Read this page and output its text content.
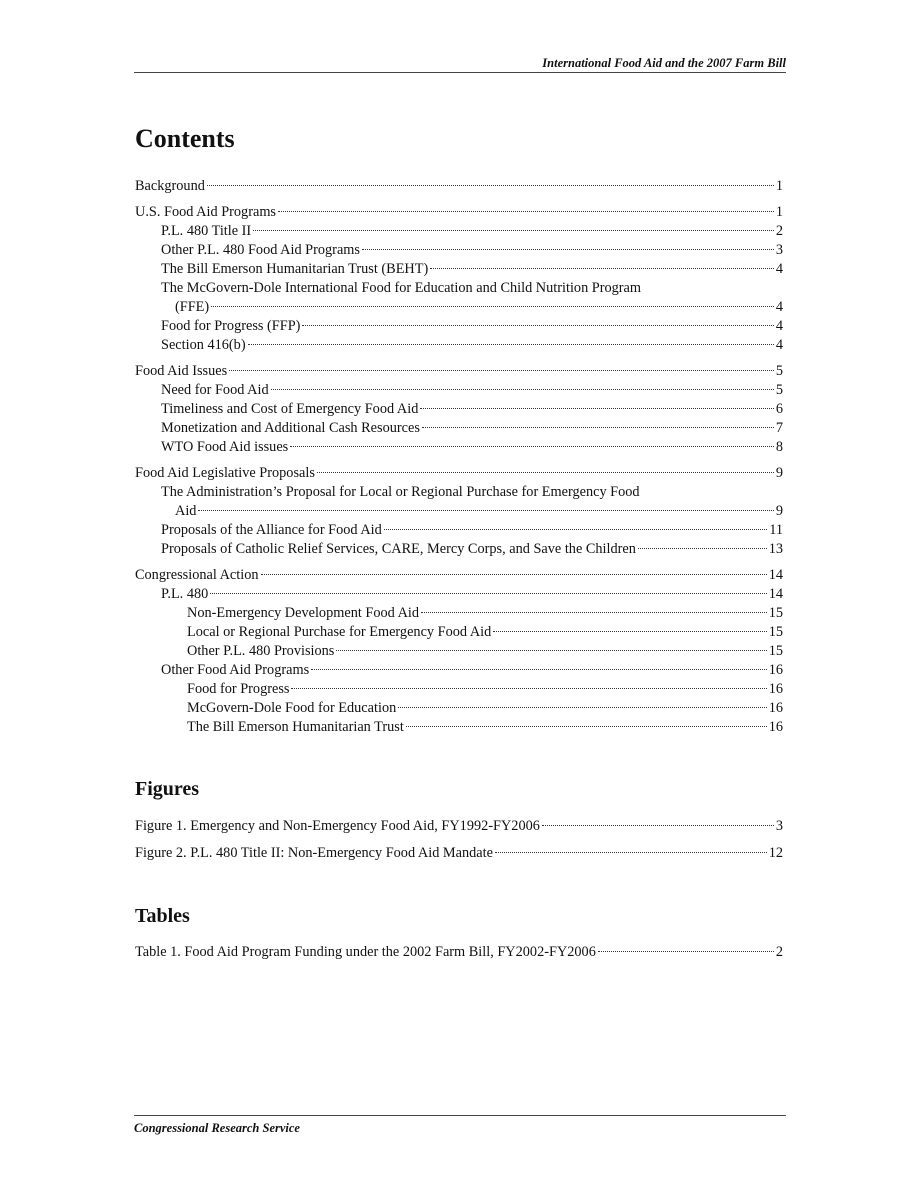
International Food Aid and the 2007 Farm Bill
Contents
Background	1
U.S. Food Aid Programs	1
P.L. 480 Title II	2
Other P.L. 480 Food Aid Programs	3
The Bill Emerson Humanitarian Trust (BEHT)	4
The McGovern-Dole International Food for Education and Child Nutrition Program
(FFE)	4
Food for Progress (FFP)	4
Section 416(b)	4
Food Aid Issues	5
Need for Food Aid	5
Timeliness and Cost of Emergency Food Aid	6
Monetization and Additional Cash Resources	7
WTO Food Aid issues	8
Food Aid Legislative Proposals	9
The Administration’s Proposal for Local or Regional Purchase for Emergency Food
Aid	9
Proposals of the Alliance for Food Aid	11
Proposals of Catholic Relief Services, CARE, Mercy Corps, and Save the Children	13
Congressional Action	14
P.L. 480	14
Non-Emergency Development Food Aid	15
Local or Regional Purchase for Emergency Food Aid	15
Other P.L. 480 Provisions	15
Other Food Aid Programs	16
Food for Progress	16
McGovern-Dole Food for Education	16
The Bill Emerson Humanitarian Trust	16
Figures
Figure 1. Emergency and Non-Emergency Food Aid, FY1992-FY2006	3
Figure 2. P.L. 480 Title II: Non-Emergency Food Aid Mandate	12
Tables
Table 1. Food Aid Program Funding under the 2002 Farm Bill, FY2002-FY2006	2
Congressional Research Service
